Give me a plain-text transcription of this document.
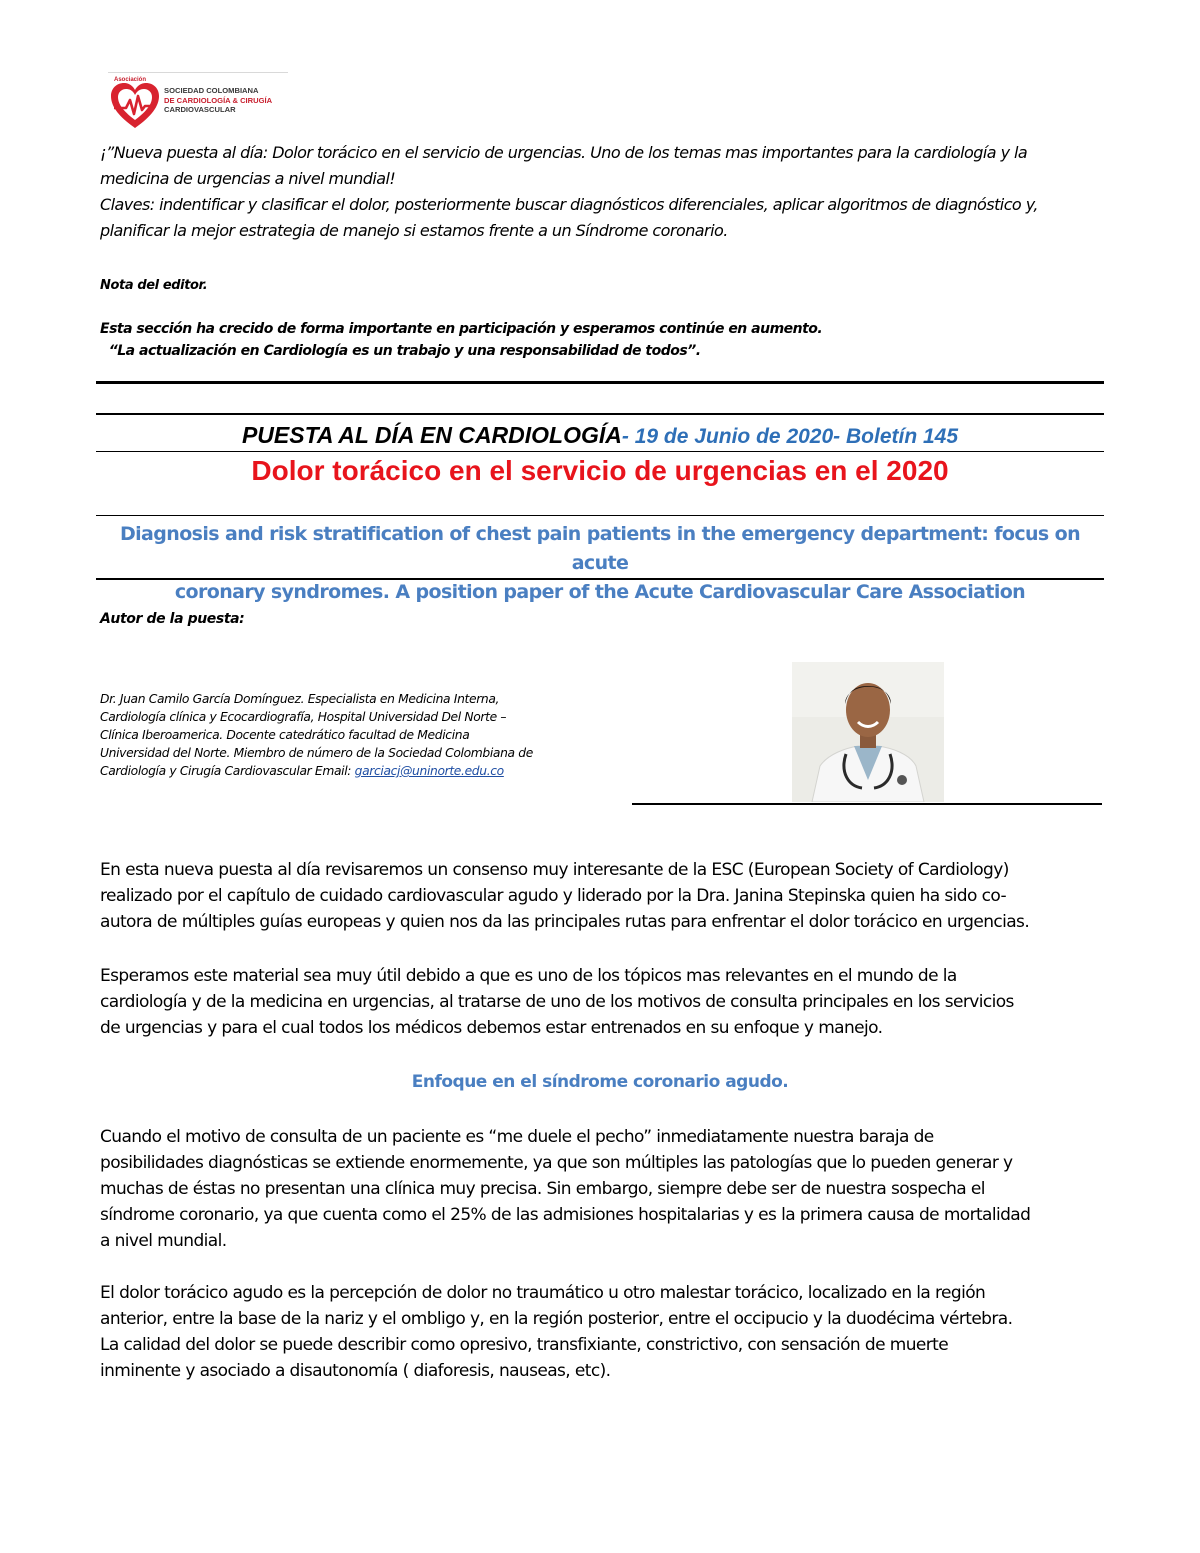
Asociación
SOCIEDAD COLOMBIANA
DE CARDIOLOGÍA & CIRUGÍA
CARDIOVASCULAR

¡”Nueva puesta al día: Dolor torácico en el servicio de urgencias. Uno de los temas mas importantes para la cardiología y la

medicina de urgencias a nivel mundial!

Claves: indentificar y clasificar el dolor, posteriormente buscar diagnósticos diferenciales, aplicar algoritmos de diagnóstico y,

planificar la mejor estrategia de manejo si estamos frente a un Síndrome coronario.

Nota del editor.

Esta sección ha crecido de forma importante en participación y esperamos continúe en aumento.

“La actualización en Cardiología es un trabajo y una responsabilidad de todos”.

PUESTA AL DÍA EN CARDIOLOGÍA- 19 de Junio de 2020- Boletín 145
Dolor torácico en el servicio de urgencias en el 2020
Diagnosis and risk stratification of chest pain patients in the emergency department: focus on acute
coronary syndromes. A position paper of the Acute Cardiovascular Care Association
Autor de la puesta:
Dr. Juan Camilo García Domínguez. Especialista en Medicina Interna,
Cardiología clínica y Ecocardiografía, Hospital Universidad Del Norte –
Clínica Iberoamerica. Docente catedrático facultad de Medicina
Universidad del Norte. Miembro de número de la Sociedad Colombiana de
Cardiología y Cirugía Cardiovascular Email: garciacj@uninorte.edu.co

En esta nueva puesta al día revisaremos un consenso muy interesante de la ESC (European Society of Cardiology)

realizado por el capítulo de cuidado cardiovascular agudo y liderado por la Dra. Janina Stepinska quien ha sido co-

autora de múltiples guías europeas y quien nos da las principales rutas para enfrentar el dolor torácico en urgencias.

Esperamos este material sea muy útil debido a que es uno de los tópicos mas relevantes en el mundo de la

cardiología y de la medicina en urgencias, al tratarse de uno de los motivos de consulta principales en los servicios

de urgencias y para el cual todos los médicos debemos estar entrenados en su enfoque y manejo.

Enfoque en el síndrome coronario agudo.

Cuando el motivo de consulta de un paciente es “me duele el pecho” inmediatamente nuestra baraja de

posibilidades diagnósticas se extiende enormemente, ya que son múltiples las patologías que lo pueden generar y

muchas de éstas no presentan una clínica muy precisa. Sin embargo, siempre debe ser de nuestra sospecha el

síndrome coronario, ya que cuenta como el 25% de las admisiones hospitalarias y es la primera causa de mortalidad

a nivel mundial.

El dolor torácico agudo es la percepción de dolor no traumático u otro malestar torácico, localizado en la región

anterior, entre la base de la nariz y el ombligo y, en la región posterior, entre el occipucio y la duodécima vértebra.

La calidad del dolor se puede describir como opresivo, transfixiante, constrictivo, con sensación de muerte

inminente y asociado a disautonomía ( diaforesis, nauseas, etc).
